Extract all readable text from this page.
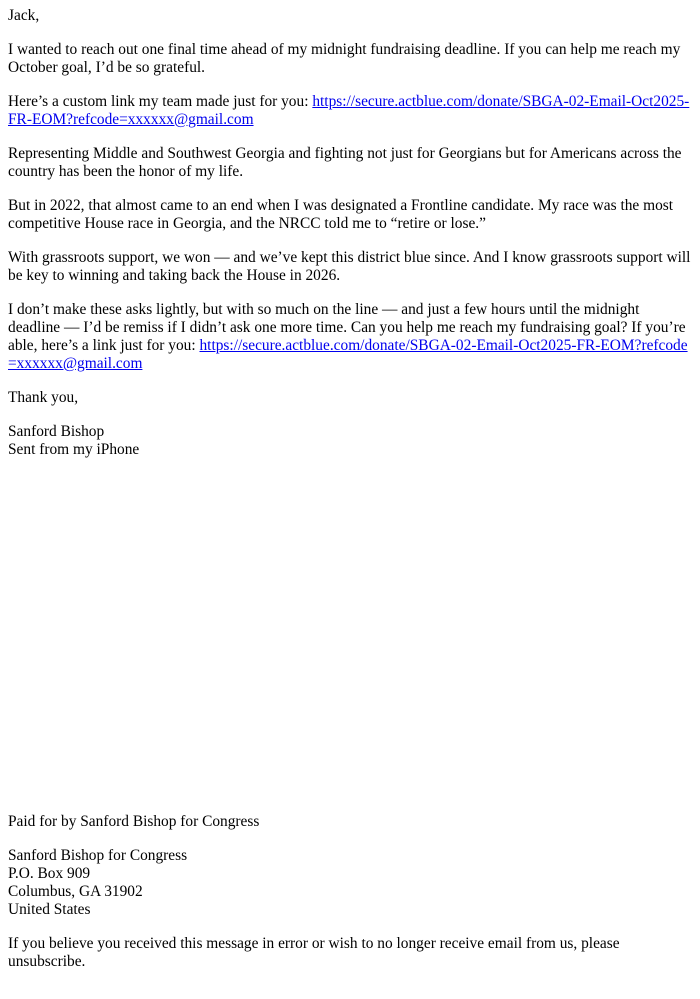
Jack,

I wanted to reach out one final time ahead of my midnight fundraising deadline. If you can help me reach my October goal, I’d be so grateful.

Here’s a custom link my team made just for you: https://secure.actblue.com/donate/SBGA-02-Email-Oct2025-FR-EOM?refcode=xxxxxx@gmail.com

Representing Middle and Southwest Georgia and fighting not just for Georgians but for Americans across the country has been the honor of my life.

But in 2022, that almost came to an end when I was designated a Frontline candidate. My race was the most competitive House race in Georgia, and the NRCC told me to “retire or lose.”

With grassroots support, we won — and we’ve kept this district blue since. And I know grassroots support will be key to winning and taking back the House in 2026.

I don’t make these asks lightly, but with so much on the line — and just a few hours until the midnight deadline — I’d be remiss if I didn’t ask one more time. Can you help me reach my fundraising goal? If you’re able, here’s a link just for you: https://secure.actblue.com/donate/SBGA-02-Email-Oct2025-FR-EOM?refcode=xxxxxx@gmail.com

Thank you,

Sanford Bishop
Sent from my iPhone

Paid for by Sanford Bishop for Congress

Sanford Bishop for Congress
P.O. Box 909
Columbus, GA 31902
United States

If you believe you received this message in error or wish to no longer receive email from us, please unsubscribe.
